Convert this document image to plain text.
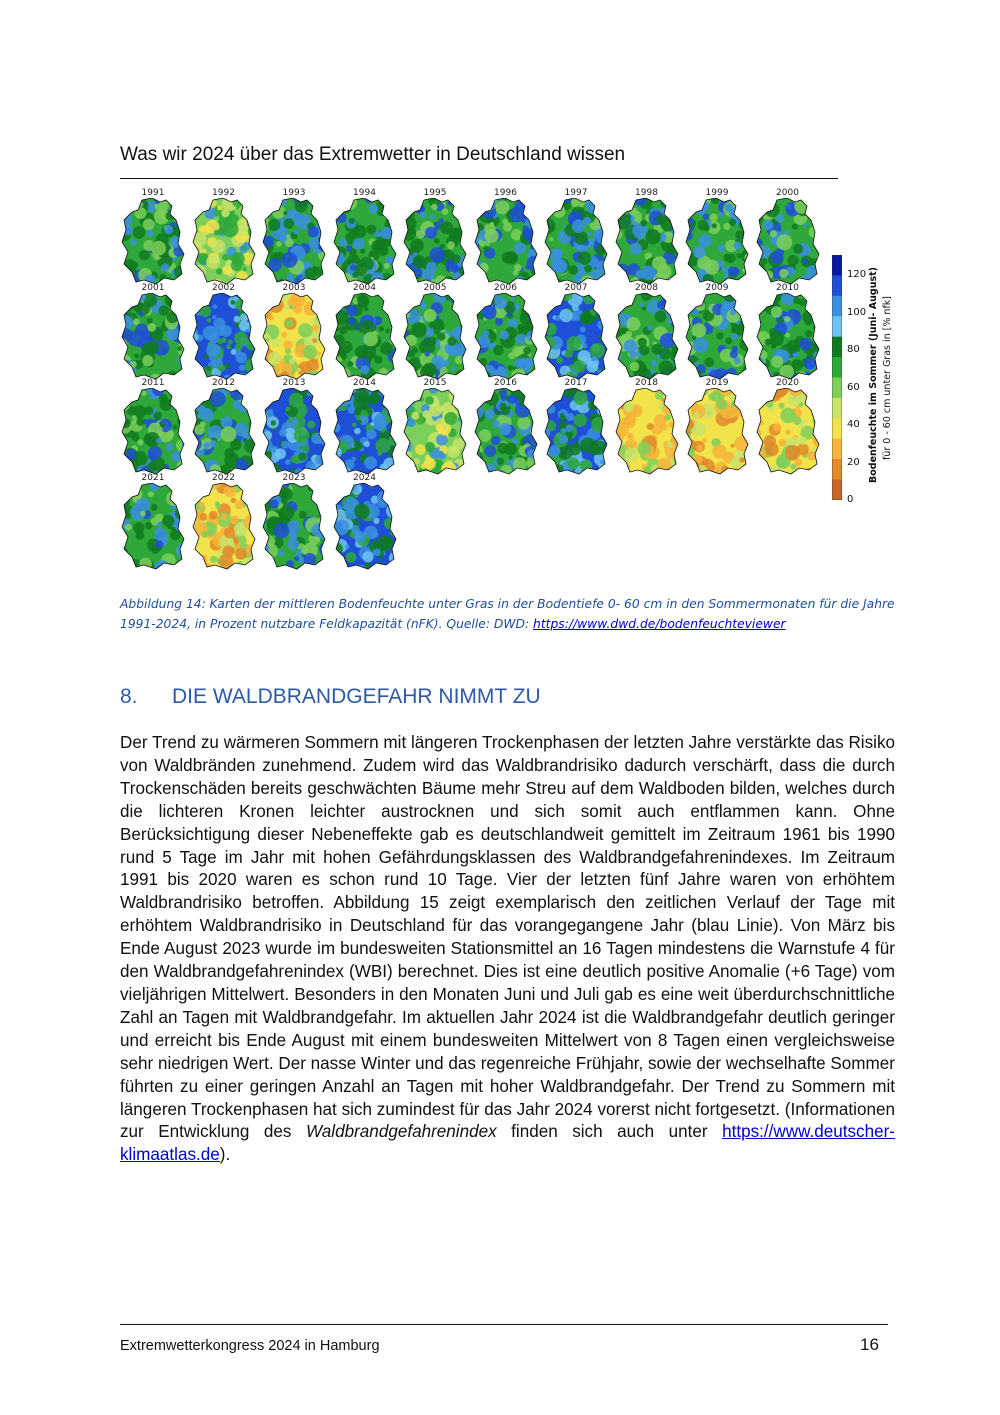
Was wir 2024 über das Extremwetter in Deutschland wissen
1991	1992	1993	1994	1995	1996	1997	1998	1999	2000
2001	2002	2003	2004	2005	2006	2007	2008	2009	2010
2011	2012	2013	2014	2015	2016	2017	2018	2019	2020
2021	2022	2023	2024
120
100
80
60
40
20
0
Bodenfeuchte im Sommer (Juni- August) für 0 - 60 cm unter Gras in [% nfk]
Abbildung 14: Karten der mittleren Bodenfeuchte unter Gras in der Bodentiefe 0- 60 cm in den Sommermonaten für die Jahre 1991-2024, in Prozent nutzbare Feldkapazität (nFK). Quelle: DWD: https://www.dwd.de/bodenfeuchteviewer
8. DIE WALDBRANDGEFAHR NIMMT ZU
Der Trend zu wärmeren Sommern mit längeren Trockenphasen der letzten Jahre verstärkte das Risiko von Waldbränden zunehmend. Zudem wird das Waldbrandrisiko dadurch verschärft, dass die durch Trockenschäden bereits geschwächten Bäume mehr Streu auf dem Waldboden bilden, welches durch die lichteren Kronen leichter austrocknen und sich somit auch entflammen kann. Ohne Berücksichtigung dieser Nebeneffekte gab es deutschlandweit gemittelt im Zeitraum 1961 bis 1990 rund 5 Tage im Jahr mit hohen Gefährdungsklassen des Waldbrandgefahrenindexes. Im Zeitraum 1991 bis 2020 waren es schon rund 10 Tage. Vier der letzten fünf Jahre waren von erhöhtem Waldbrandrisiko betroffen. Abbildung 15 zeigt exemplarisch den zeitlichen Verlauf der Tage mit erhöhtem Waldbrandrisiko in Deutschland für das vorangegangene Jahr (blau Linie). Von März bis Ende August 2023 wurde im bundesweiten Stationsmittel an 16 Tagen mindestens die Warnstufe 4 für den Waldbrandgefahrenindex (WBI) berechnet. Dies ist eine deutlich positive Anomalie (+6 Tage) vom vieljährigen Mittelwert. Besonders in den Monaten Juni und Juli gab es eine weit überdurchschnittliche Zahl an Tagen mit Waldbrandgefahr. Im aktuellen Jahr 2024 ist die Waldbrandgefahr deutlich geringer und erreicht bis Ende August mit einem bundesweiten Mittelwert von 8 Tagen einen vergleichsweise sehr niedrigen Wert. Der nasse Winter und das regenreiche Frühjahr, sowie der wechselhafte Sommer führten zu einer geringen Anzahl an Tagen mit hoher Waldbrandgefahr. Der Trend zu Sommern mit längeren Trockenphasen hat sich zumindest für das Jahr 2024 vorerst nicht fortgesetzt. (Informationen zur Entwicklung des Waldbrandgefahrenindex finden sich auch unter https://www.deutscher-klimaatlas.de).
Extremwetterkongress 2024 in Hamburg	16
